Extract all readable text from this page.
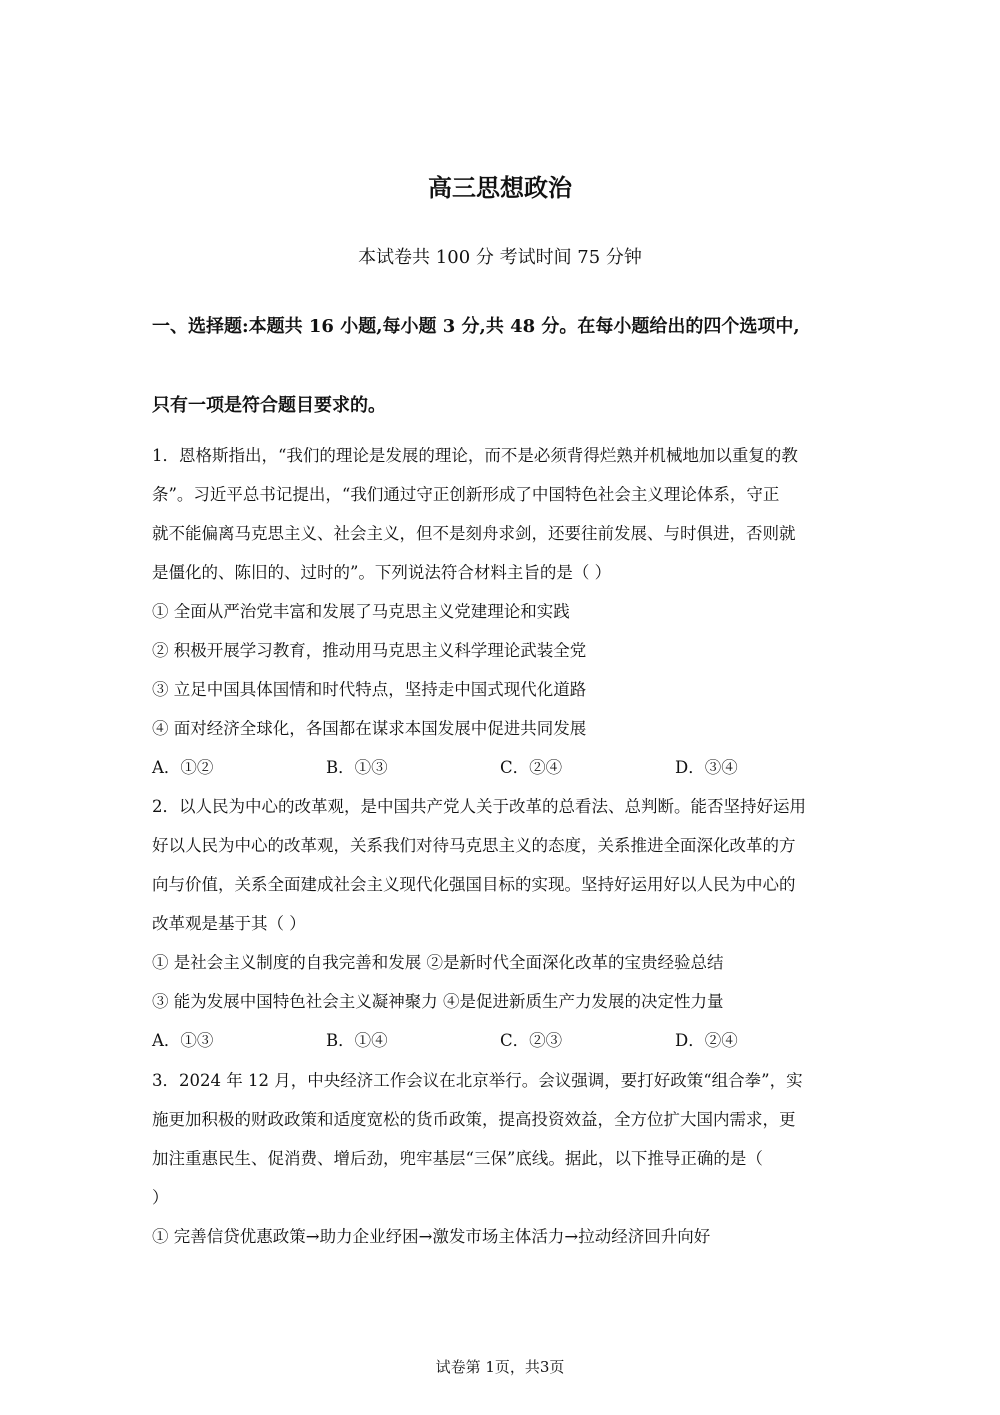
高三思想政治
本试卷共 100 分 考试时间 75 分钟
一、选择题:本题共 16 小题,每小题 3 分,共 48 分。在每小题给出的四个选项中,
只有一项是符合题目要求的。
1．恩格斯指出，“我们的理论是发展的理论，而不是必须背得烂熟并机械地加以重复的教
条”。习近平总书记提出，“我们通过守正创新形成了中国特色社会主义理论体系，守正
就不能偏离马克思主义、社会主义，但不是刻舟求剑，还要往前发展、与时俱进，否则就
是僵化的、陈旧的、过时的”。下列说法符合材料主旨的是（ ）
① 全面从严治党丰富和发展了马克思主义党建理论和实践
② 积极开展学习教育，推动用马克思主义科学理论武装全党
③ 立足中国具体国情和时代特点，坚持走中国式现代化道路
④ 面对经济全球化，各国都在谋求本国发展中促进共同发展
A．①②	B．①③	C．②④	D．③④
2．以人民为中心的改革观，是中国共产党人关于改革的总看法、总判断。能否坚持好运用
好以人民为中心的改革观，关系我们对待马克思主义的态度，关系推进全面深化改革的方
向与价值，关系全面建成社会主义现代化强国目标的实现。坚持好运用好以人民为中心的
改革观是基于其（ ）
① 是社会主义制度的自我完善和发展 ②是新时代全面深化改革的宝贵经验总结
③ 能为发展中国特色社会主义凝神聚力 ④是促进新质生产力发展的决定性力量
A．①③	B．①④	C．②③	D．②④
3．2024 年 12 月，中央经济工作会议在北京举行。会议强调，要打好政策“组合拳”，实
施更加积极的财政政策和适度宽松的货币政策，提高投资效益，全方位扩大国内需求，更
加注重惠民生、促消费、增后劲，兜牢基层“三保”底线。据此，以下推导正确的是（
）
① 完善信贷优惠政策→助力企业纾困→激发市场主体活力→拉动经济回升向好
试卷第 1页，共3页
